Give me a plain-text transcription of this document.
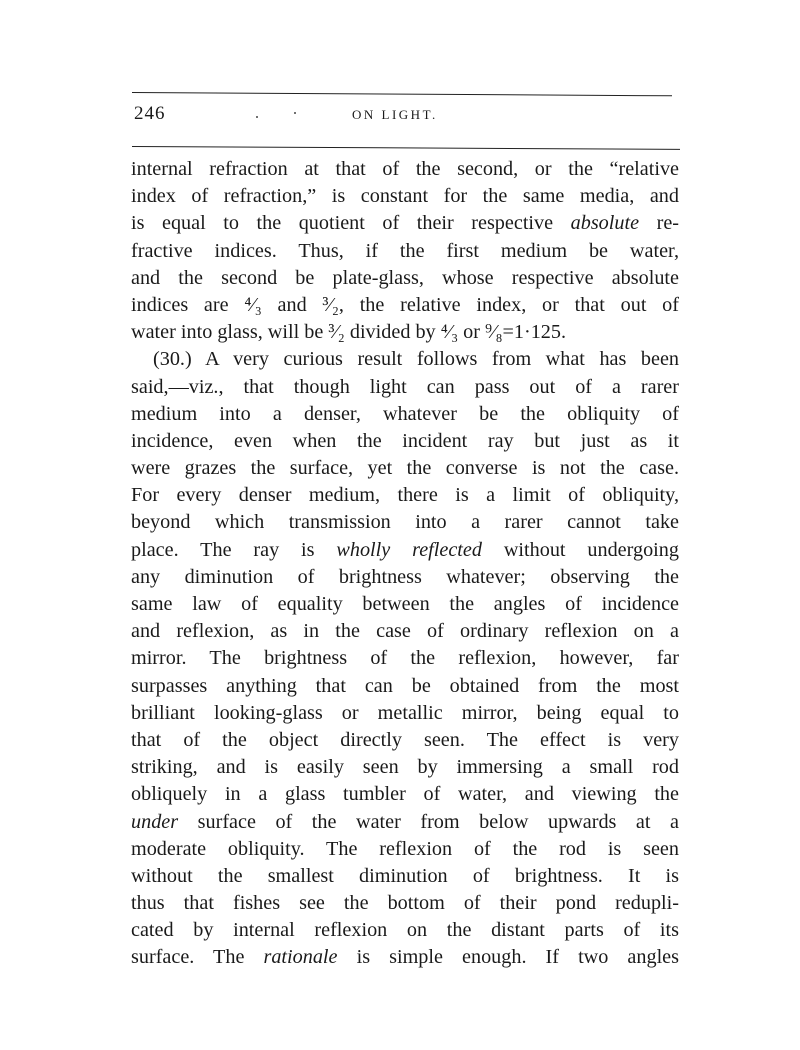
246	ON LIGHT.
internal refraction at that of the second, or the “relative
index of refraction,” is constant for the same media, and
is equal to the quotient of their respective absolute re-
fractive indices. Thus, if the first medium be water,
and the second be plate-glass, whose respective absolute
indices are ⁴⁄₃ and ³⁄₂, the relative index, or that out of
water into glass, will be ³⁄₂ divided by ⁴⁄₃ or ⁹⁄₈=1·125.
(30.) A very curious result follows from what has been
said,—viz., that though light can pass out of a rarer
medium into a denser, whatever be the obliquity of
incidence, even when the incident ray but just as it
were grazes the surface, yet the converse is not the case.
For every denser medium, there is a limit of obliquity,
beyond which transmission into a rarer cannot take
place. The ray is wholly reflected without undergoing
any diminution of brightness whatever; observing the
same law of equality between the angles of incidence
and reflexion, as in the case of ordinary reflexion on a
mirror. The brightness of the reflexion, however, far
surpasses anything that can be obtained from the most
brilliant looking-glass or metallic mirror, being equal to
that of the object directly seen. The effect is very
striking, and is easily seen by immersing a small rod
obliquely in a glass tumbler of water, and viewing the
under surface of the water from below upwards at a
moderate obliquity. The reflexion of the rod is seen
without the smallest diminution of brightness. It is
thus that fishes see the bottom of their pond redupli-
cated by internal reflexion on the distant parts of its
surface. The rationale is simple enough. If two angles
